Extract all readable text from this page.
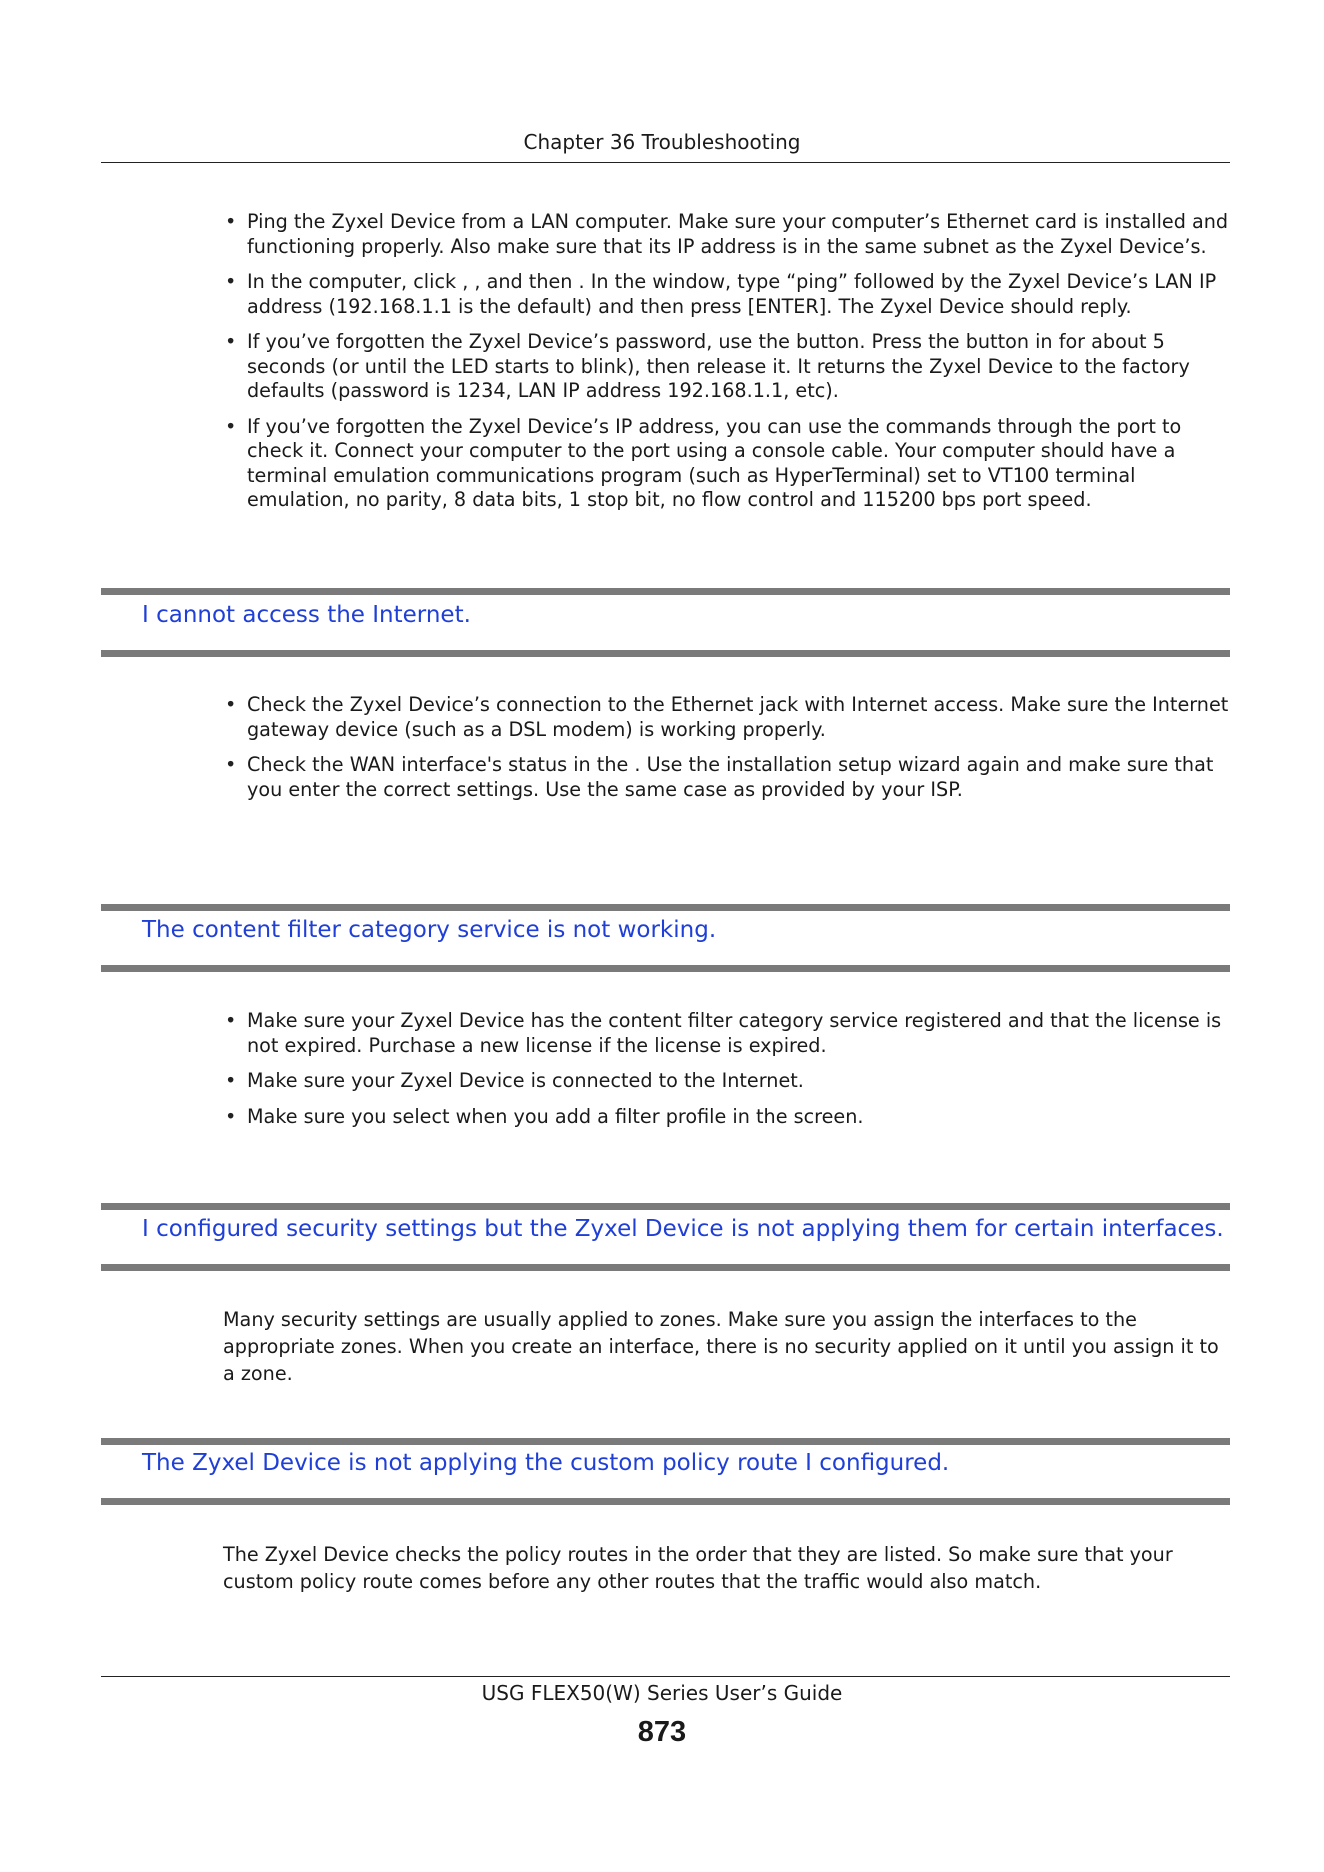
Chapter 36 Troubleshooting
• Ping the Zyxel Device from a LAN computer. Make sure your computer’s Ethernet card is installed and functioning properly. Also make sure that its IP address is in the same subnet as the Zyxel Device’s.
• In the computer, click , , and then . In the window, type “ping” followed by the Zyxel Device’s LAN IP address (192.168.1.1 is the default) and then press [ENTER]. The Zyxel Device should reply.
• If you’ve forgotten the Zyxel Device’s password, use the button. Press the button in for about 5 seconds (or until the LED starts to blink), then release it. It returns the Zyxel Device to the factory defaults (password is 1234, LAN IP address 192.168.1.1, etc).
• If you’ve forgotten the Zyxel Device’s IP address, you can use the commands through the port to check it. Connect your computer to the port using a console cable. Your computer should have a terminal emulation communications program (such as HyperTerminal) set to VT100 terminal emulation, no parity, 8 data bits, 1 stop bit, no flow control and 115200 bps port speed.
I cannot access the Internet.
• Check the Zyxel Device’s connection to the Ethernet jack with Internet access. Make sure the Internet gateway device (such as a DSL modem) is working properly.
• Check the WAN interface's status in the . Use the installation setup wizard again and make sure that you enter the correct settings. Use the same case as provided by your ISP.
The content filter category service is not working.
• Make sure your Zyxel Device has the content filter category service registered and that the license is not expired. Purchase a new license if the license is expired.
• Make sure your Zyxel Device is connected to the Internet.
• Make sure you select when you add a filter profile in the screen.
I configured security settings but the Zyxel Device is not applying them for certain interfaces.

Many security settings are usually applied to zones. Make sure you assign the interfaces to the appropriate zones. When you create an interface, there is no security applied on it until you assign it to a zone.

The Zyxel Device is not applying the custom policy route I configured.

The Zyxel Device checks the policy routes in the order that they are listed. So make sure that your custom policy route comes before any other routes that the traffic would also match.

USG FLEX50(W) Series User’s Guide
873
